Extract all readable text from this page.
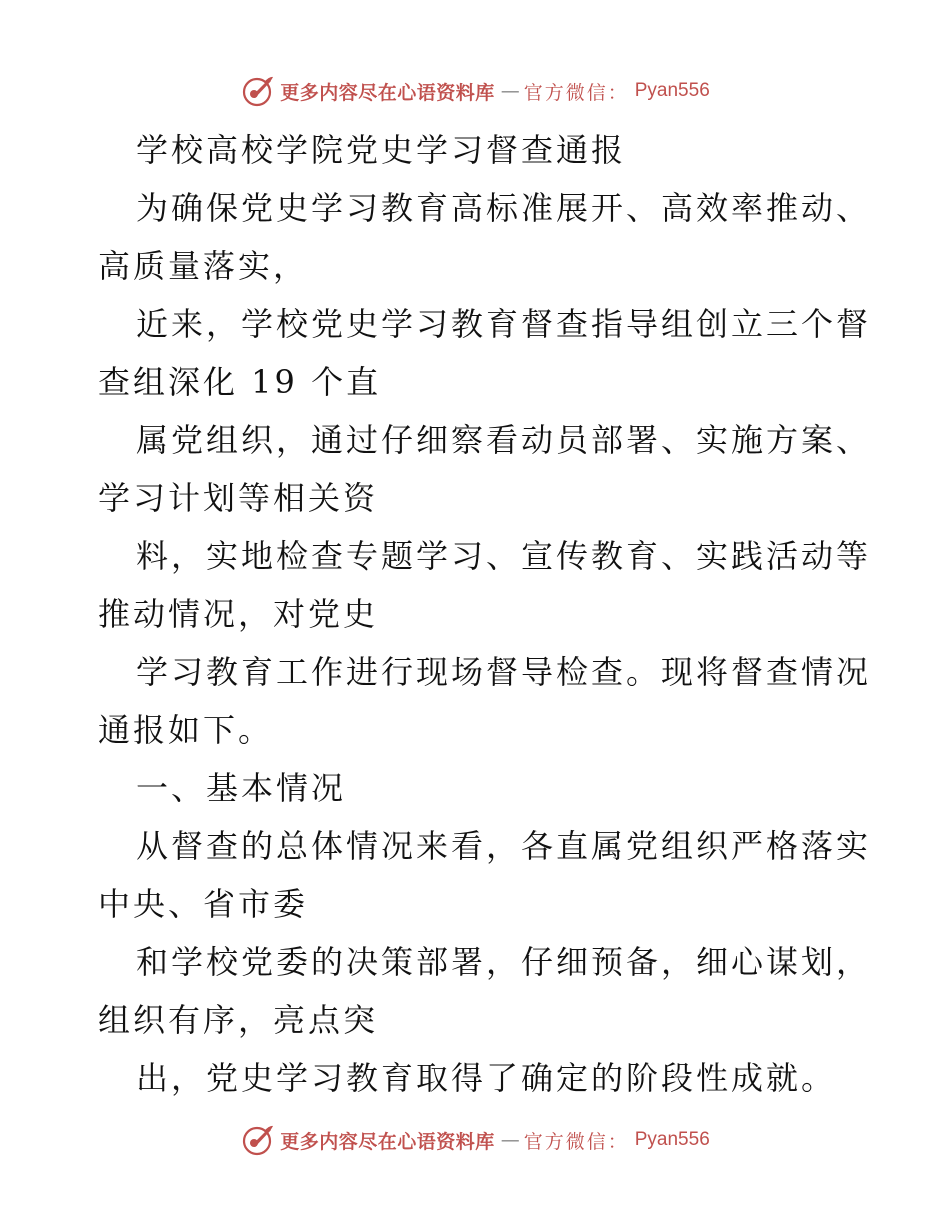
更多内容尽在心语资料库 — 官方微信： Pyan556

学校高校学院党史学习督查通报

为确保党史学习教育高标准展开、高效率推动、

高质量落实，

近来，学校党史学习教育督查指导组创立三个督

查组深化 19 个直

属党组织，通过仔细察看动员部署、实施方案、

学习计划等相关资

料，实地检查专题学习、宣传教育、实践活动等

推动情况，对党史

学习教育工作进行现场督导检查。现将督查情况

通报如下。

一、基本情况

从督查的总体情况来看，各直属党组织严格落实

中央、省市委

和学校党委的决策部署，仔细预备，细心谋划，

组织有序，亮点突

出，党史学习教育取得了确定的阶段性成就。

更多内容尽在心语资料库 — 官方微信： Pyan556
